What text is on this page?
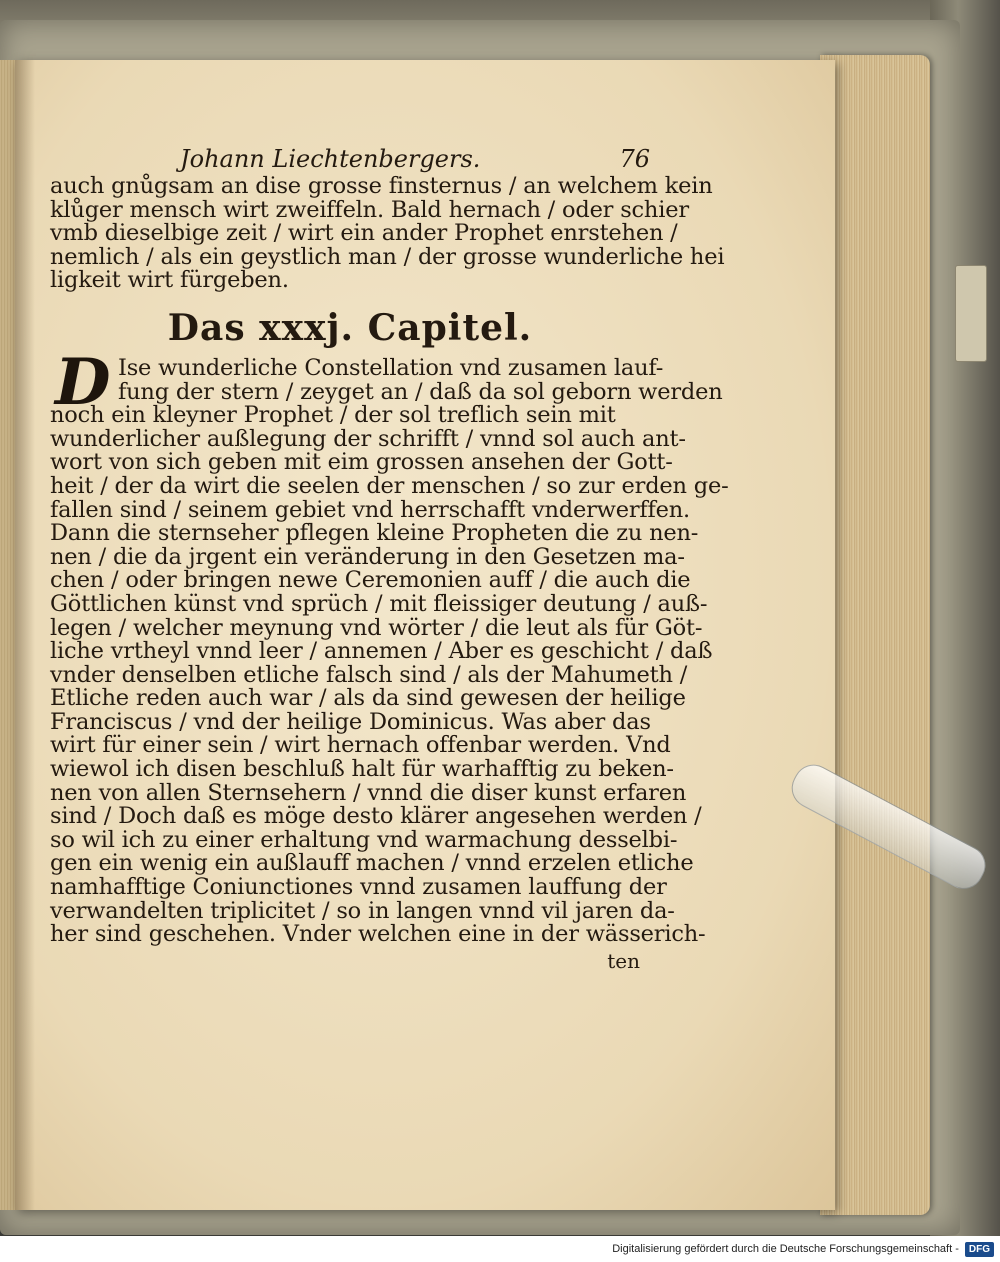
Johann Liechtenbergers.	76
auch gnůgsam an dise grosse finsternus / an welchem kein
klůger mensch wirt zweiffeln. Bald hernach / oder schier
vmb dieselbige zeit / wirt ein ander Prophet enrstehen /
nemlich / als ein geystlich man / der grosse wunderliche hei
ligkeit wirt fürgeben.
Das xxxj. Capitel.
D Ise wunderliche Constellation vnd zusamen lauf-
fung der stern / zeyget an / daß da sol geborn werden
noch ein kleyner Prophet / der sol treflich sein mit
wunderlicher außlegung der schrifft / vnnd sol auch ant-
wort von sich geben mit eim grossen ansehen der Gott-
heit / der da wirt die seelen der menschen / so zur erden ge-
fallen sind / seinem gebiet vnd herrschafft vnderwerffen.
Dann die sternseher pflegen kleine Propheten die zu nen-
nen / die da jrgent ein veränderung in den Gesetzen ma-
chen / oder bringen newe Ceremonien auff / die auch die
Göttlichen künst vnd sprüch / mit fleissiger deutung / auß-
legen / welcher meynung vnd wörter / die leut als für Göt-
liche vrtheyl vnnd leer / annemen / Aber es geschicht / daß
vnder denselben etliche falsch sind / als der Mahumeth /
Etliche reden auch war / als da sind gewesen der heilige
Franciscus / vnd der heilige Dominicus. Was aber das
wirt für einer sein / wirt hernach offenbar werden. Vnd
wiewol ich disen beschluß halt für warhafftig zu beken-
nen von allen Sternsehern / vnnd die diser kunst erfaren
sind / Doch daß es möge desto klärer angesehen werden /
so wil ich zu einer erhaltung vnd warmachung desselbi-
gen ein wenig ein außlauff machen / vnnd erzelen etliche
namhafftige Coniunctiones vnnd zusamen lauffung der
verwandelten triplicitet / so in langen vnnd vil jaren da-
her sind geschehen. Vnder welchen eine in der wässerich-
ten
Digitalisierung gefördert durch die Deutsche Forschungsgemeinschaft -	DFG
